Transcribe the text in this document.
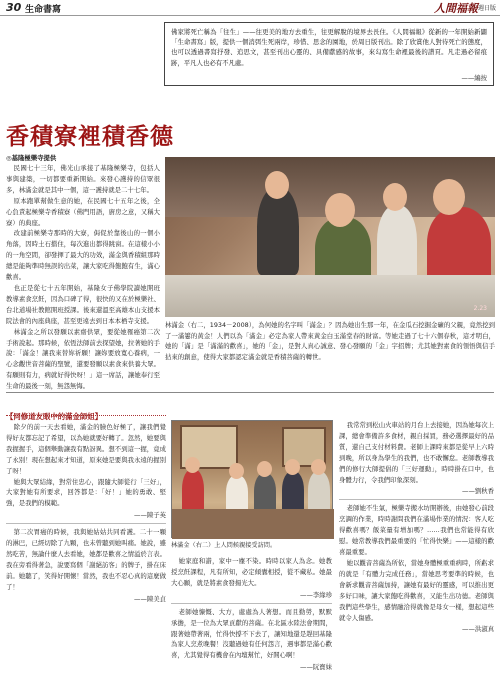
30 生命書寫	人間福報 週日版

佛家將死亡稱為「往生」——往更美的地方去重生，往更解脫的境界去長住。《人間福報》從新的一年開始新闢「生命書寫」版，提供一個消弭生死兩岸，珍惜、思念的園地，於周日版刊出。除了欣賞他人對待死亡的態度，也可以透過書寫抒發、追思文，甚至刊出心靈的、具備獻感的故事，來勾寫生命裡最後的譜頁。凡走過必留痕跡，平凡人也必有不凡處。

——編按
香積寮裡積香德
◎基隆極樂寺提供

民國七十三年，佛光山承接了基隆極樂寺，包括人事與建築，一切都要重新開始。來發心護持的信眾很多，林滿金就是其中一個，這一護持就是二十七年。

原本跑單幫做生意的她，在民國七十五年之後，全心負責起極樂寺香積寮（佛門用語，廚房之意，又稱大寮）的典座。

改建前極樂寺那時的大寮，侷促於靠後山的一個小角落，因時土石擋住，每次進出都得跳窗。在這樣小小的一角空間，卻發揮了最大的功效，滿金與香積組那時總是能夠準時無誤的出菜，讓大家吃得飽飽有生，滿心歡喜。

也正是從七十五年開始，基隆女子佛學院讀她開班教導素食烹飪，因為口碑了得，很快的又在於極樂社、台北道場社教館開班授課。後來還溫至高雄本山支援本院法會的內座典座，甚至更遠去到日本本栖寺支援。

林滿金之所以發願以素齋供眾，要從她罹癌第二次手術說起。那時候，依恆法師前去探望她，拉著她的手說：「滿金！讓我來替妳祈願！讓妳要放寬心養病，一心念觀世音菩薩的聖號，還要發願以素食來供養大眾。有願則有力，病就好得快呀！」這一席話，讓她奉行至生命的最後一刻，無怨無悔。

2.23

林滿金（右二，1934－2008），為何她的名字叫「滿金」？因為她出生那一年，在金瓜石挖掘金礦的父親，竟然挖到了一滿簍的黃金！人們以為「滿金」必定為家人帶來黃金白玉滿堂春的財富。等她走過了七十六個春秋，這才明白，她的「滿」是「滿滿的歡喜」，她的「金」，是對人真心誠意、發心發願的「金」字招牌；尤其她對素食的領悟與信手拈來的創意，使得大家都認定滿金就是香積菩薩的轉世。

【同修道友眼中的滿金師姐】

除夕的前一天去看她，滿金的臉色好極了，讓我們覺得好友都忘記了希望，以為她就要好轉了。忽然，她要與我握握手，這個舉動讓我有點訝異。想不到這一握，竟成了永別！現在想起來才知道，原來她是要與我永遠的握別了呀！

她與大眾結緣，對常住忠心，跟隨大師從行「三好」，大家對她有所要求，回答都是：「好！」她的勇敢、堅強，是我們的模範。

——陳子英

第二次胃癌的時候，我與她姑姑共同看護。二十一顆的淋巴，已經切除了九顆，也未曾聽到她叫痛。她說，雖然吃苦，無論什麼人去看她，她都是歡喜之情溢於言表。我在旁看得著急，說要寫個「謝絕訪客」的牌子，掛在床前。她聽了，笑得好開懷！當然，我也不忍心真的這麼做了！

——陳美貞
林滿金（右二）上人問候親接受訪問。

她家庭和諧，家中一塵不染。時時以家人為念。她教授烹飪課程，凡有所知，必定傾囊相授，從不藏私。她最大心願，就是將素食發揚光大。

——李緣珍

老師她慷慨、大方，處處為人著想。而且勤勞，默默承擔，是一位為大眾貢獻的菩薩。在北區水陸法會期間，跟著她帶著兩，忙得快撐不下去了，讓知地還是趕回基隆為家人烹煮晚餐！沒聽過她有任何怨言，遇事都是滿心歡喜，尤其覺得有機會在內壇幫忙，好開心啊！

——阮寶妹

我常常到松山火車站的月台上去接她，因為她每次上課，總會準備許多食材，親自採買，務必選擇最好的品質，還自己支付材料費。老師上課時來都是從早上六時到晚，所以身為學生的我們，也不敢懈怠。老師教導我們的修行大師提倡的「三好運動」，時時掛在口中，也身體力行，令我們印象深刻。

——劉秋香

老師她不生氣，極樂寺搬水坊開辦後，由她發心前段烹調的作業，時時謝問我們在滿場作業的情況：客人吃得歡喜嗎？飯菜量有增加嗎？……我們也常能得有欣慰。她常教導我們最重要的「忙得快樂」——這樣的歡喜最重要。

她以觀音菩薩為所依，當她身體極重重病時，所虧求的就是「有體力完成任務」，當她思考要準的時候，也會新求觀音菩薩加持，讓她有最好的靈感，可以推出更多好口味，讓大家飽吃得歡喜，又能生出功德。老師與我們這些學生，感情融洽得就像是母女一樣，想起這些就令人傷感。

——洪淑真
